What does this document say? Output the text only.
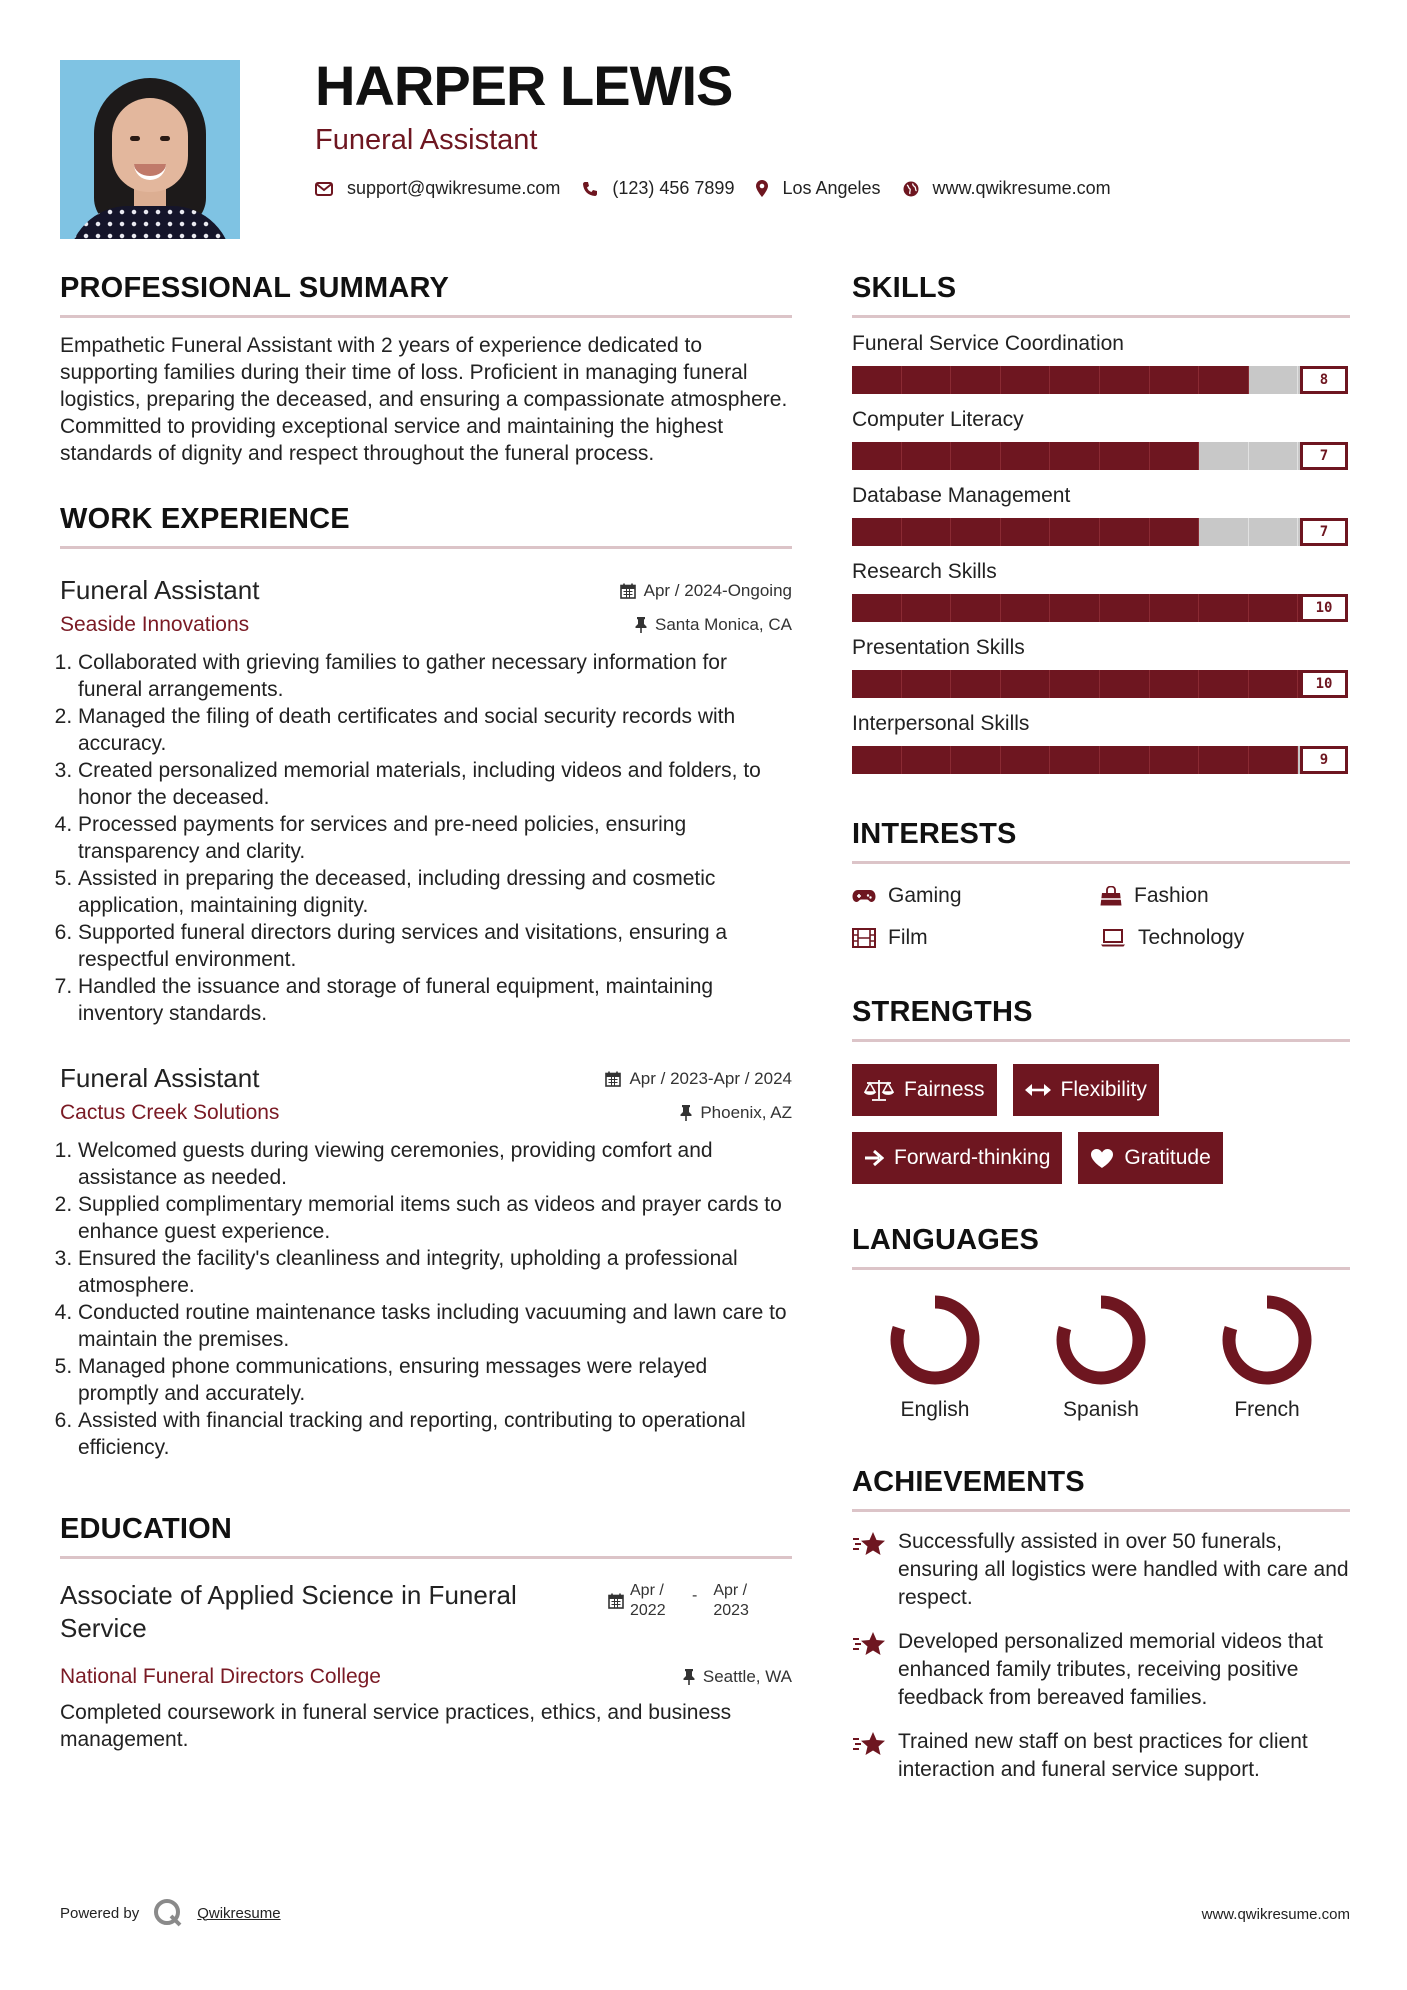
HARPER LEWIS
Funeral Assistant
support@qwikresume.com	(123) 456 7899	Los Angeles	www.qwikresume.com
PROFESSIONAL SUMMARY

Empathetic Funeral Assistant with 2 years of experience dedicated to supporting families during their time of loss. Proficient in managing funeral logistics, preparing the deceased, and ensuring a compassionate atmosphere. Committed to providing exceptional service and maintaining the highest standards of dignity and respect throughout the funeral process.

WORK EXPERIENCE
Funeral Assistant
Seaside Innovations
Apr / 2024-Ongoing
Santa Monica, CA
1. Collaborated with grieving families to gather necessary information for funeral arrangements.
2. Managed the filing of death certificates and social security records with accuracy.
3. Created personalized memorial materials, including videos and folders, to honor the deceased.
4. Processed payments for services and pre-need policies, ensuring transparency and clarity.
5. Assisted in preparing the deceased, including dressing and cosmetic application, maintaining dignity.
6. Supported funeral directors during services and visitations, ensuring a respectful environment.
7. Handled the issuance and storage of funeral equipment, maintaining inventory standards.
Funeral Assistant
Cactus Creek Solutions
Apr / 2023-Apr / 2024
Phoenix, AZ
1. Welcomed guests during viewing ceremonies, providing comfort and assistance as needed.
2. Supplied complimentary memorial items such as videos and prayer cards to enhance guest experience.
3. Ensured the facility's cleanliness and integrity, upholding a professional atmosphere.
4. Conducted routine maintenance tasks including vacuuming and lawn care to maintain the premises.
5. Managed phone communications, ensuring messages were relayed promptly and accurately.
6. Assisted with financial tracking and reporting, contributing to operational efficiency.
EDUCATION
Associate of Applied Science in Funeral Service
Apr / 2022
- Apr / 2023
National Funeral Directors College	Seattle, WA

Completed coursework in funeral service practices, ethics, and business management.

SKILLS
Funeral Service Coordination
8
Computer Literacy
7
Database Management
7
Research Skills
10
Presentation Skills
10
Interpersonal Skills
9
INTERESTS
Gaming	Fashion
Film	Technology
STRENGTHS
Fairness	Flexibility
Forward-thinking	Gratitude
LANGUAGES
English	Spanish	French
ACHIEVEMENTS
Successfully assisted in over 50 funerals, ensuring all logistics were handled with care and respect.
Developed personalized memorial videos that enhanced family tributes, receiving positive feedback from bereaved families.
Trained new staff on best practices for client interaction and funeral service support.
Powered by	Qwikresume	www.qwikresume.com
